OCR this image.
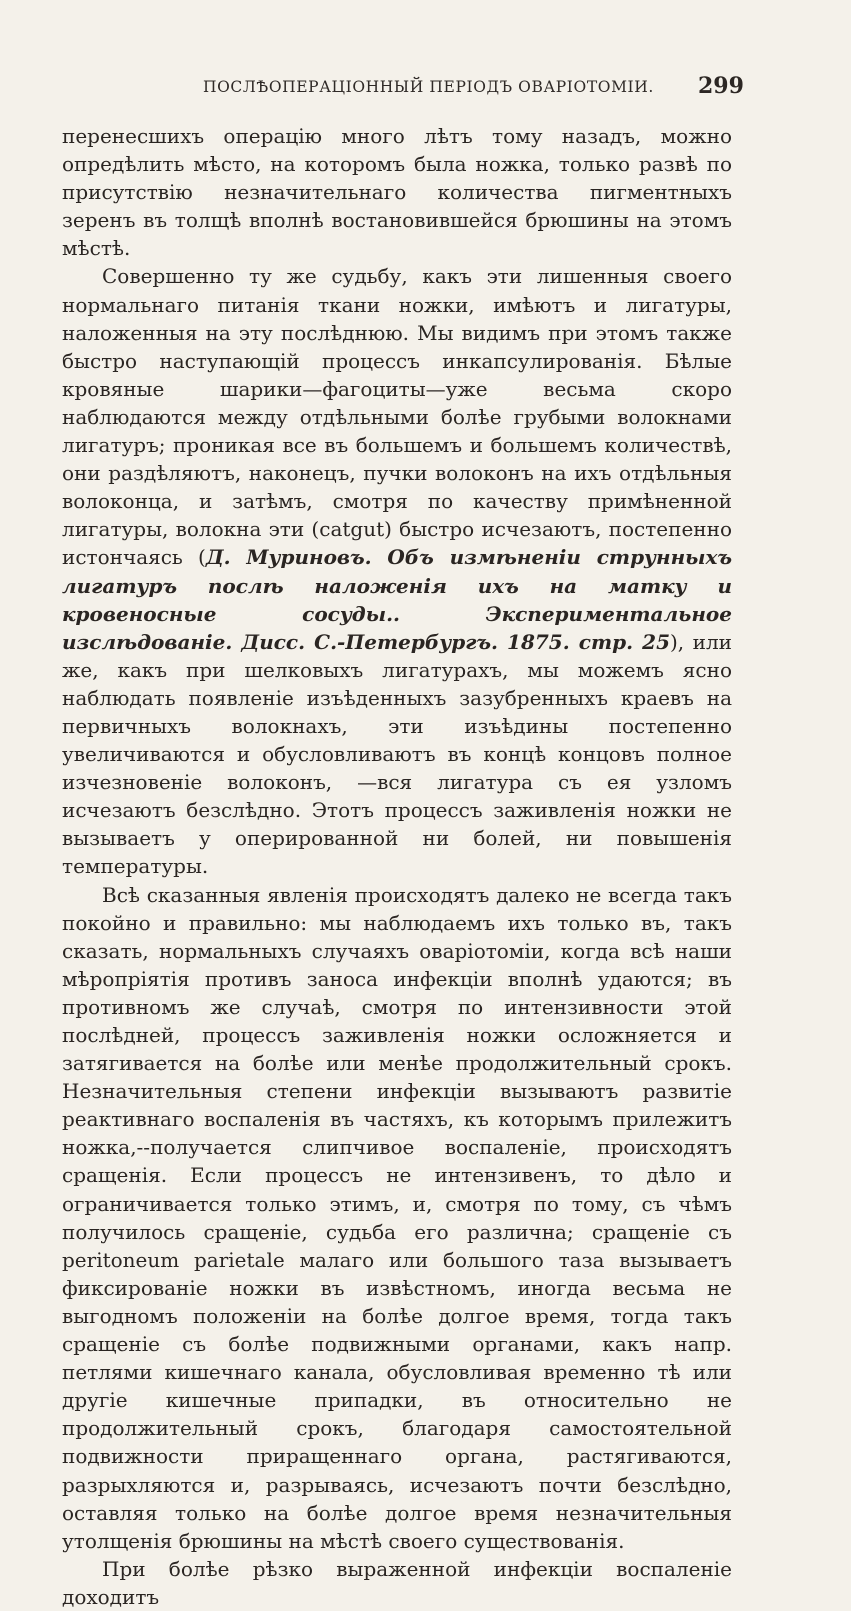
ПОСЛѢОПЕРАЦІОННЫЙ ПЕРІОДЪ ОВАРІОТОМІИ. 299

перенесшихъ операцію много лѣтъ тому назадъ, можно опредѣлить мѣсто, на которомъ была ножка, только развѣ по присутствію незначительнаго количества пигментныхъ зеренъ въ толщѣ вполнѣ востановившейся брюшины на этомъ мѣстѣ.

Совершенно ту же судьбу, какъ эти лишенныя своего нормальнаго питанія ткани ножки, имѣютъ и лигатуры, наложенныя на эту послѣднюю. Мы видимъ при этомъ также быстро наступающій процессъ инкапсулированія. Бѣлые кровяные шарики—фагоциты—уже весьма скоро наблюдаются между отдѣльными болѣе грубыми волокнами лигатуръ; проникая все въ большемъ и большемъ количествѣ, они раздѣляютъ, наконецъ, пучки волоконъ на ихъ отдѣльныя волоконца, и затѣмъ, смотря по качеству примѣненной лигатуры, волокна эти (catgut) быстро исчезаютъ, постепенно истончаясь (Д. Муриновъ. Объ измѣненіи струнныхъ лигатуръ послѣ наложенія ихъ на матку и кровеносные сосуды.. Экспериментальное изслѣдованіе. Дисс. С.-Петербургъ. 1875. стр. 25), или же, какъ при шелковыхъ лигатурахъ, мы можемъ ясно наблюдать появленіе изъѣденныхъ зазубренныхъ краевъ на первичныхъ волокнахъ, эти изъѣдины постепенно увеличиваются и обусловливаютъ въ концѣ концовъ полное изчезновеніе волоконъ, —вся лигатура съ ея узломъ исчезаютъ безслѣдно. Этотъ процессъ заживленія ножки не вызываетъ у оперированной ни болей, ни повышенія температуры.

Всѣ сказанныя явленія происходятъ далеко не всегда такъ покойно и правильно: мы наблюдаемъ ихъ только въ, такъ сказать, нормальныхъ случаяхъ оваріотоміи, когда всѣ наши мѣропріятія противъ заноса инфекціи вполнѣ удаются; въ противномъ же случаѣ, смотря по интензивности этой послѣдней, процессъ заживленія ножки осложняется и затягивается на болѣе или менѣе продолжительный срокъ. Незначительныя степени инфекціи вызываютъ развитіе реактивнаго воспаленія въ частяхъ, къ которымъ прилежитъ ножка,--получается слипчивое воспаленіе, происходятъ сращенія. Если процессъ не интензивенъ, то дѣло и ограничивается только этимъ, и, смотря по тому, съ чѣмъ получилось сращеніе, судьба его различна; сращеніе съ peritoneum parietale малаго или большого таза вызываетъ фиксированіе ножки въ извѣстномъ, иногда весьма не выгодномъ положеніи на болѣе долгое время, тогда такъ сращеніе съ болѣе подвижными органами, какъ напр. петлями кишечнаго канала, обусловливая временно тѣ или другіе кишечные припадки, въ относительно не продолжительный срокъ, благодаря самостоятельной подвижности приращеннаго органа, растягиваются, разрыхляются и, разрываясь, исчезаютъ почти безслѣдно, оставляя только на болѣе долгое время незначительныя утолщенія брюшины на мѣстѣ своего существованія.

При болѣе рѣзко выраженной инфекціи воспаленіе доходитъ
